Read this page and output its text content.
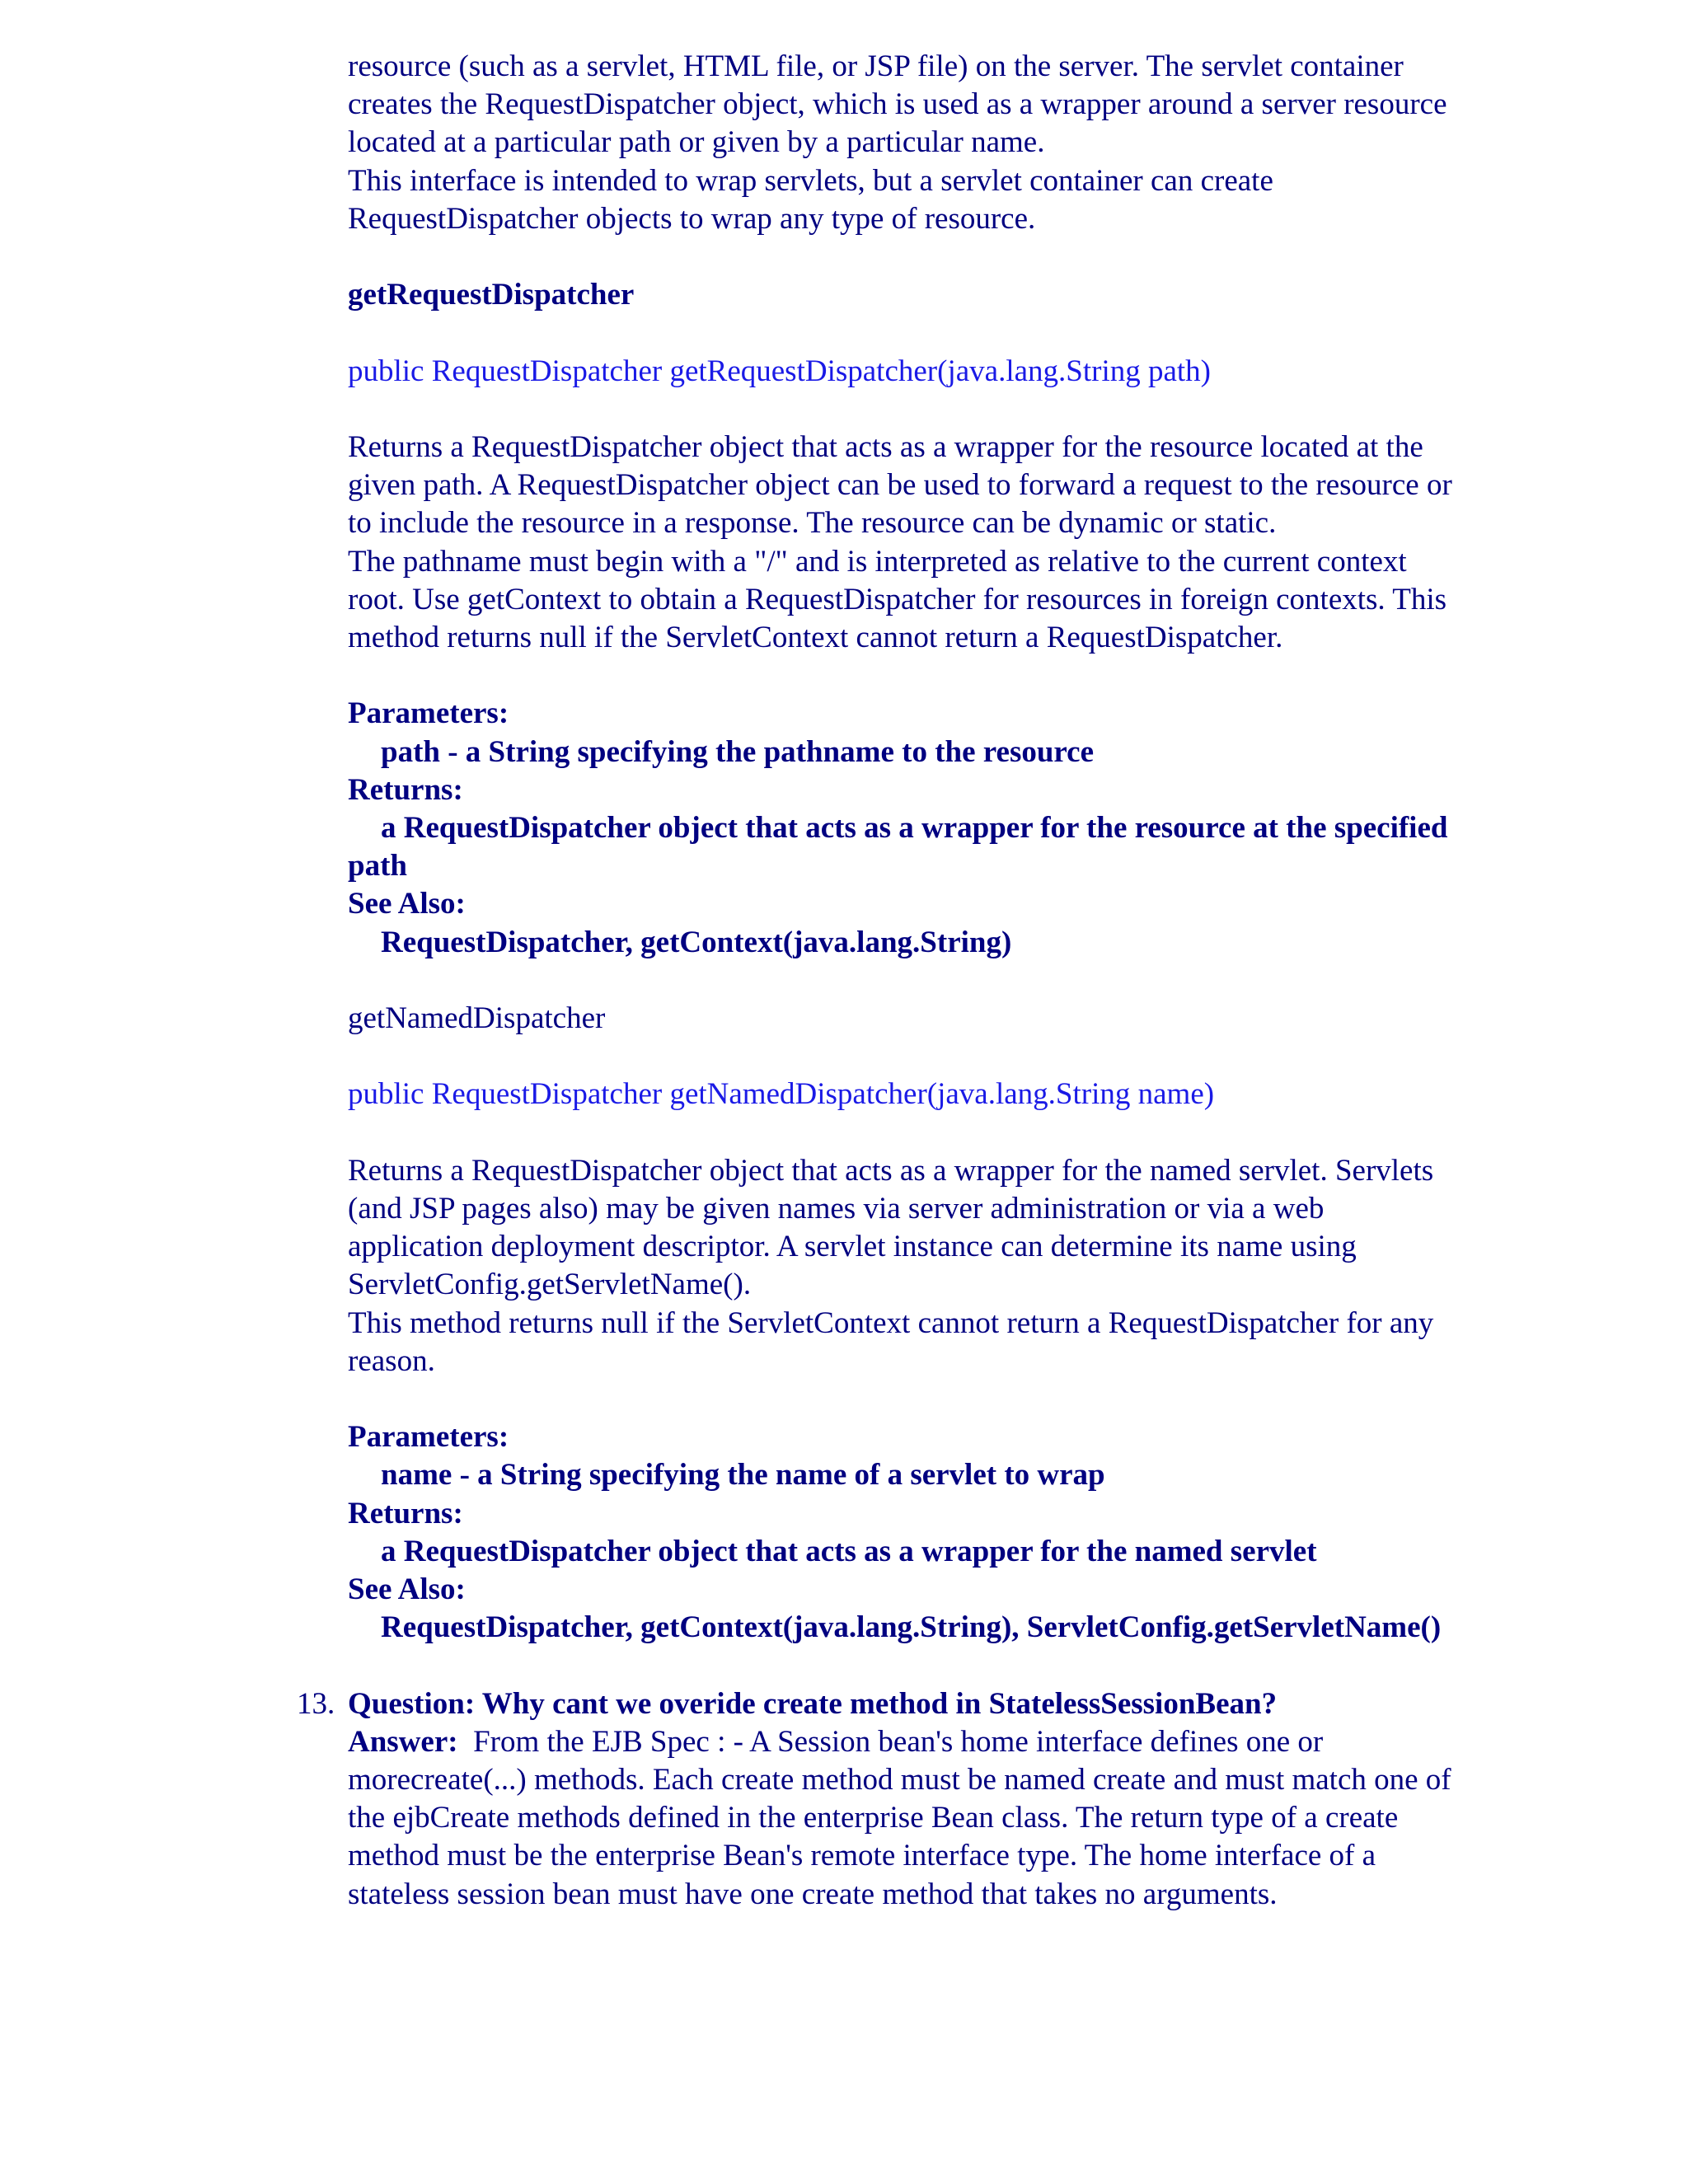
resource (such as a servlet, HTML file, or JSP file) on the server. The servlet container creates the RequestDispatcher object, which is used as a wrapper around a server resource located at a particular path or given by a particular name.

This interface is intended to wrap servlets, but a servlet container can create RequestDispatcher objects to wrap any type of resource.

getRequestDispatcher

public RequestDispatcher getRequestDispatcher(java.lang.String path)

Returns a RequestDispatcher object that acts as a wrapper for the resource located at the given path. A RequestDispatcher object can be used to forward a request to the resource or to include the resource in a response. The resource can be dynamic or static.

The pathname must begin with a "/" and is interpreted as relative to the current context root. Use getContext to obtain a RequestDispatcher for resources in foreign contexts. This method returns null if the ServletContext cannot return a RequestDispatcher.

Parameters:

path - a String specifying the pathname to the resource

Returns:

a RequestDispatcher object that acts as a wrapper for the resource at the specified path

See Also:

RequestDispatcher, getContext(java.lang.String)

getNamedDispatcher

public RequestDispatcher getNamedDispatcher(java.lang.String name)

Returns a RequestDispatcher object that acts as a wrapper for the named servlet. Servlets (and JSP pages also) may be given names via server administration or via a web application deployment descriptor. A servlet instance can determine its name using ServletConfig.getServletName().

This method returns null if the ServletContext cannot return a RequestDispatcher for any reason.

Parameters:

name - a String specifying the name of a servlet to wrap

Returns:

a RequestDispatcher object that acts as a wrapper for the named servlet

See Also:

RequestDispatcher, getContext(java.lang.String), ServletConfig.getServletName()

13. Question: Why cant we overide create method in StatelessSessionBean?

Answer: From the EJB Spec : - A Session bean's home interface defines one or morecreate(...) methods. Each create method must be named create and must match one of the ejbCreate methods defined in the enterprise Bean class. The return type of a create method must be the enterprise Bean's remote interface type. The home interface of a stateless session bean must have one create method that takes no arguments.
